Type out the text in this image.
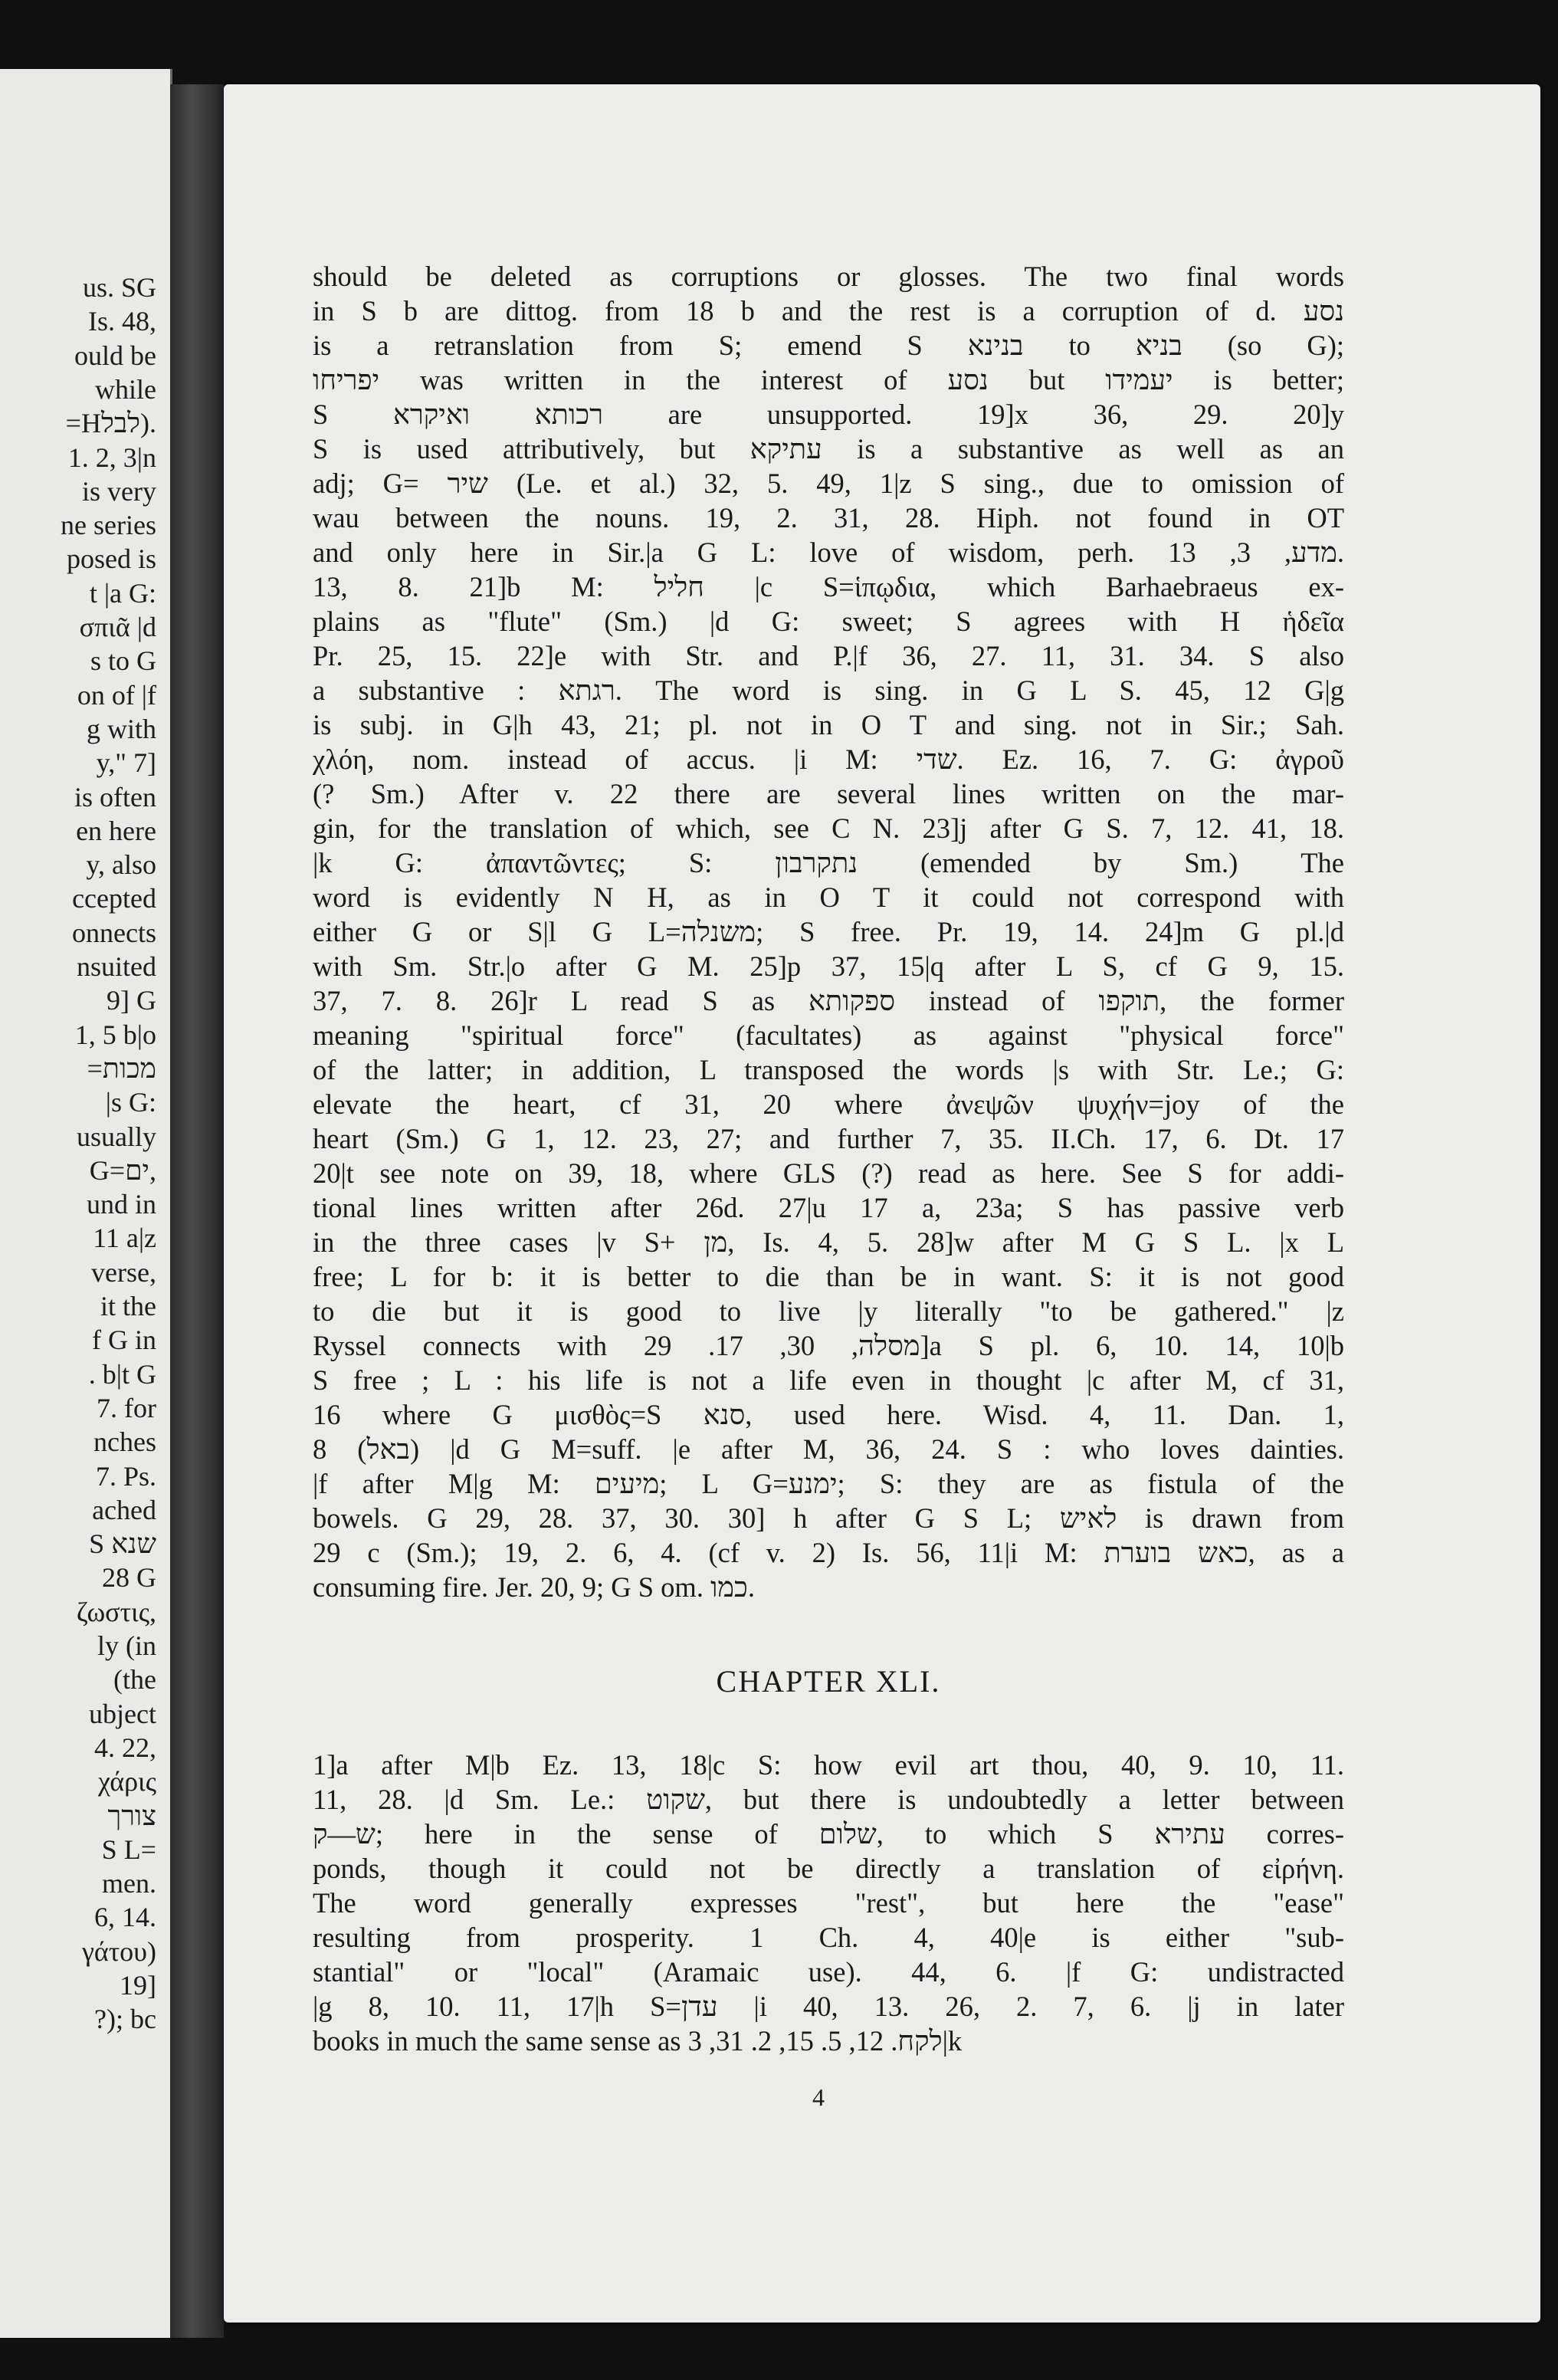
us. SG
Is. 48,
ould be
while
=Hלבל).
1. 2, 3|n
is very
ne series
posed is
t |a G:
σπιᾶ |d
s to G
on of |f
g with
y," 7]
is often
en here
y, also
ccepted
onnects
nsuited
9] G
1, 5 b|o
=מכות
|s G:
usually
G=ים,
und in
11 a|z
verse,
it the
f G in
. b|t G
7. for
nches
7. Ps.
ached
S שנא
28 G
ζωστις,
ly (in
(the
ubject
4. 22,
χάρις
צורך
S L=
men.
6, 14.
γάτου)
19]
?); bc
should be deleted as corruptions or glosses. The two final words
in S b are dittog. from 18 b and the rest is a corruption of d. נסע
is a retranslation from S; emend S בנינא to בניא (so G);
יפריחו was written in the interest of נסע but יעמידו is better;
S רכותא ואיקרא are unsupported. 19]x 36, 29. 20]y
S is used attributively, but עתיקא is a substantive as well as an
adj; G= שיר (Le. et al.) 32, 5. 49, 1|z S sing., due to omission of
wau between the nouns. 19, 2. 31, 28. Hiph. not found in OT
and only here in Sir.|a G L: love of wisdom, perh. מדע, 3, 13.
13, 8. 21]b M: חליל |c S=ἱπῳδια, which Barhaebraeus ex-
plains as "flute" (Sm.) |d G: sweet; S agrees with H ἡδεῖα
Pr. 25, 15. 22]e with Str. and P.|f 36, 27. 11, 31. 34. S also
a substantive : רגתא. The word is sing. in G L S. 45, 12 G|g
is subj. in G|h 43, 21; pl. not in O T and sing. not in Sir.; Sah.
χλόη, nom. instead of accus. |i M: שדי. Ez. 16, 7. G: ἀγροῦ
(? Sm.) After v. 22 there are several lines written on the mar-
gin, for the translation of which, see C N. 23]j after G S. 7, 12. 41, 18.
|k G: ἀπαντῶντες; S: נתקרבון (emended by Sm.) The
word is evidently N H, as in O T it could not correspond with
either G or S|l G L=משנלה; S free. Pr. 19, 14. 24]m G pl.|d
with Sm. Str.|o after G M. 25]p 37, 15|q after L S, cf G 9, 15.
37, 7. 8. 26]r L read S as ספקותא instead of תוקפו, the former
meaning "spiritual force" (facultates) as against "physical force"
of the latter; in addition, L transposed the words |s with Str. Le.; G:
elevate the heart, cf 31, 20 where ἀνεψῶν ψυχήν=joy of the
heart (Sm.) G 1, 12. 23, 27; and further 7, 35. II.Ch. 17, 6. Dt. 17
20|t see note on 39, 18, where GLS (?) read as here. See S for addi-
tional lines written after 26d. 27|u 17 a, 23a; S has passive verb
in the three cases |v S+ מן, Is. 4, 5. 28]w after M G S L. |x L
free; L for b: it is better to die than be in want. S: it is not good
to die but it is good to live |y literally "to be gathered." |z
Ryssel connects with מסלה, 30, 17. 29]a S pl. 6, 10. 14, 10|b
S free ; L : his life is not a life even in thought |c after M, cf 31,
16 where G μισθὸς=S סנא, used here. Wisd. 4, 11. Dan. 1,
8 (באל) |d G M=suff. |e after M, 36, 24. S : who loves dainties.
|f after M|g M: מיעים; L G=ימנע; S: they are as fistula of the
bowels. G 29, 28. 37, 30. 30] h after G S L; לאיש is drawn from
29 c (Sm.); 19, 2. 6, 4. (cf v. 2) Is. 56, 11|i M: כאש בוערת, as a
consuming fire. Jer. 20, 9; G S om. כמו.
CHAPTER XLI.
1]a after M|b Ez. 13, 18|c S: how evil art thou, 40, 9. 10, 11.
11, 28. |d Sm. Le.: שקוט, but there is undoubtedly a letter between
ש—ק; here in the sense of שלום, to which S עתירא corres-
ponds, though it could not be directly a translation of εἰρήνη.
The word generally expresses "rest", but here the "ease"
resulting from prosperity. 1 Ch. 4, 40|e is either "sub-
stantial" or "local" (Aramaic use). 44, 6. |f G: undistracted
|g 8, 10. 11, 17|h S=עדן |i 40, 13. 26, 2. 7, 6. |j in later
books in much the same sense as לקח. 12, 5. 15, 2. 31, 3|k
4
